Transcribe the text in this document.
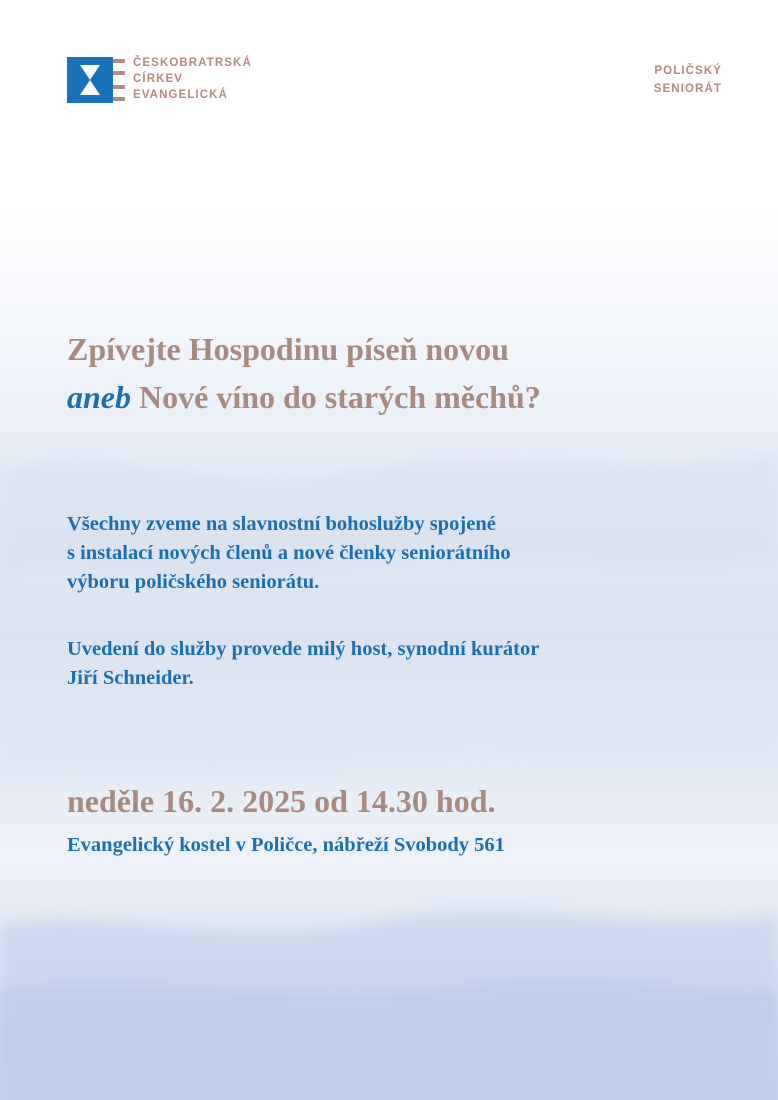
ČESKOBRATRSKÁ
CÍRKEV
EVANGELICKÁ
POLIČSKÝ
SENIORÁT
Zpívejte Hospodinu píseň novou
aneb Nové víno do starých měchů?
Všechny zveme na slavnostní bohoslužby spojené
s instalací nových členů a nové členky seniorátního
výboru poličského seniorátu.
Uvedení do služby provede milý host, synodní kurátor
Jiří Schneider.
neděle 16. 2. 2025 od 14.30 hod.
Evangelický kostel v Poličce, nábřeží Svobody 561
